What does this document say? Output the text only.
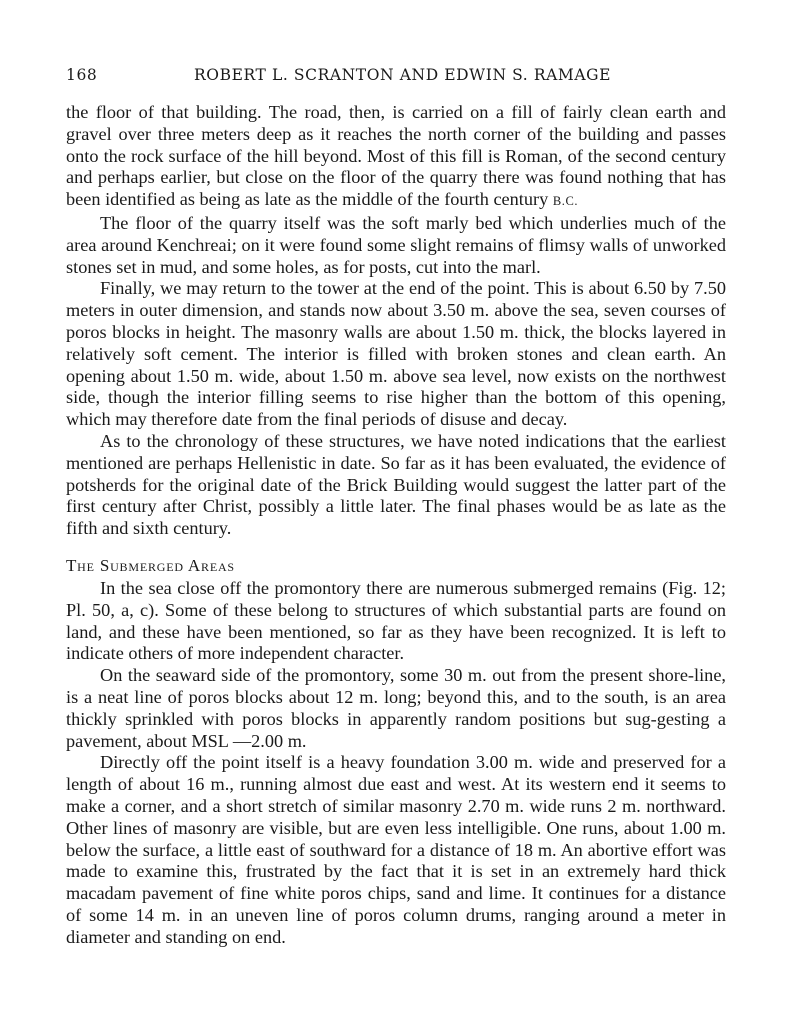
168	ROBERT L. SCRANTON AND EDWIN S. RAMAGE

the floor of that building. The road, then, is carried on a fill of fairly clean earth and gravel over three meters deep as it reaches the north corner of the building and passes onto the rock surface of the hill beyond. Most of this fill is Roman, of the second century and perhaps earlier, but close on the floor of the quarry there was found nothing that has been identified as being as late as the middle of the fourth century B.C.

The floor of the quarry itself was the soft marly bed which underlies much of the area around Kenchreai; on it were found some slight remains of flimsy walls of unworked stones set in mud, and some holes, as for posts, cut into the marl.

Finally, we may return to the tower at the end of the point. This is about 6.50 by 7.50 meters in outer dimension, and stands now about 3.50 m. above the sea, seven courses of poros blocks in height. The masonry walls are about 1.50 m. thick, the blocks layered in relatively soft cement. The interior is filled with broken stones and clean earth. An opening about 1.50 m. wide, about 1.50 m. above sea level, now exists on the northwest side, though the interior filling seems to rise higher than the bottom of this opening, which may therefore date from the final periods of disuse and decay.

As to the chronology of these structures, we have noted indications that the earliest mentioned are perhaps Hellenistic in date. So far as it has been evaluated, the evidence of potsherds for the original date of the Brick Building would suggest the latter part of the first century after Christ, possibly a little later. The final phases would be as late as the fifth and sixth century.

The Submerged Areas

In the sea close off the promontory there are numerous submerged remains (Fig. 12; Pl. 50, a, c). Some of these belong to structures of which substantial parts are found on land, and these have been mentioned, so far as they have been recognized. It is left to indicate others of more independent character.

On the seaward side of the promontory, some 30 m. out from the present shore-line, is a neat line of poros blocks about 12 m. long; beyond this, and to the south, is an area thickly sprinkled with poros blocks in apparently random positions but sug-gesting a pavement, about MSL —2.00 m.

Directly off the point itself is a heavy foundation 3.00 m. wide and preserved for a length of about 16 m., running almost due east and west. At its western end it seems to make a corner, and a short stretch of similar masonry 2.70 m. wide runs 2 m. northward. Other lines of masonry are visible, but are even less intelligible. One runs, about 1.00 m. below the surface, a little east of southward for a distance of 18 m. An abortive effort was made to examine this, frustrated by the fact that it is set in an extremely hard thick macadam pavement of fine white poros chips, sand and lime. It continues for a distance of some 14 m. in an uneven line of poros column drums, ranging around a meter in diameter and standing on end.
